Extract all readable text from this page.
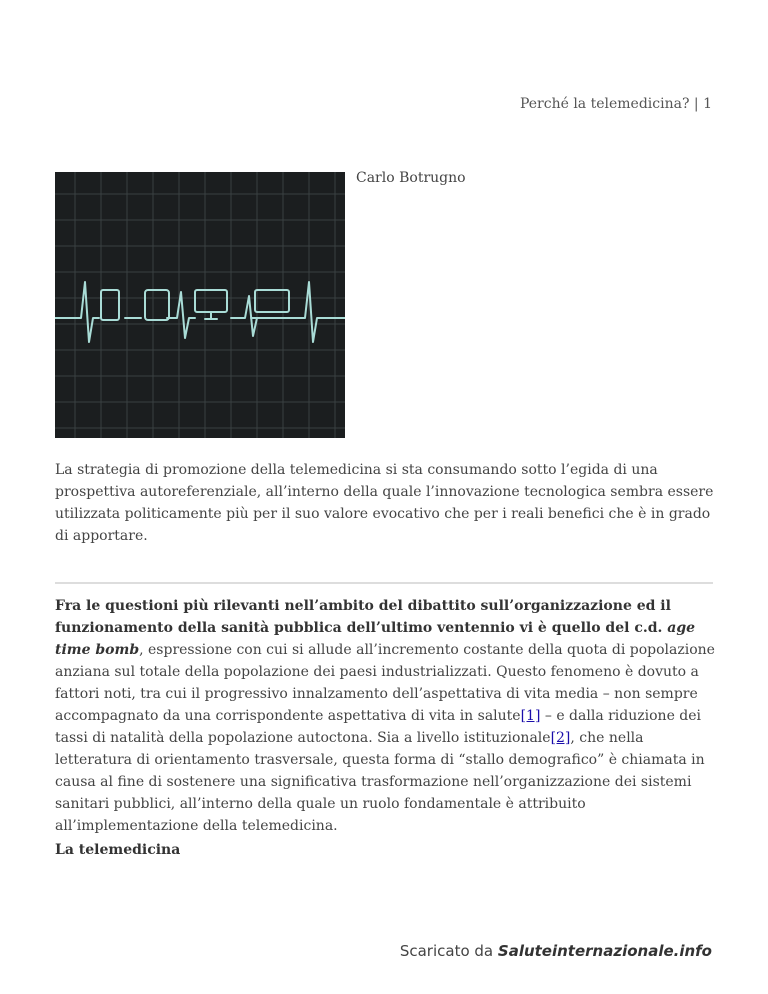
Perché la telemedicina? | 1
Carlo Botrugno

La strategia di promozione della telemedicina si sta consumando sotto l’egida di una prospettiva autoreferenziale, all’interno della quale l’innovazione tecnologica sembra essere utilizzata politicamente più per il suo valore evocativo che per i reali benefici che è in grado di apportare.

Fra le questioni più rilevanti nell’ambito del dibattito sull’organizzazione ed il funzionamento della sanità pubblica dell’ultimo ventennio vi è quello del c.d. age time bomb, espressione con cui si allude all’incremento costante della quota di popolazione anziana sul totale della popolazione dei paesi industrializzati. Questo fenomeno è dovuto a fattori noti, tra cui il progressivo innalzamento dell’aspettativa di vita media – non sempre accompagnato da una corrispondente aspettativa di vita in salute[1] – e dalla riduzione dei tassi di natalità della popolazione autoctona. Sia a livello istituzionale[2], che nella letteratura di orientamento trasversale, questa forma di “stallo demografico” è chiamata in causa al fine di sostenere una significativa trasformazione nell’organizzazione dei sistemi sanitari pubblici, all’interno della quale un ruolo fondamentale è attribuito all’implementazione della telemedicina.

La telemedicina

Scaricato da Saluteinternazionale.info
